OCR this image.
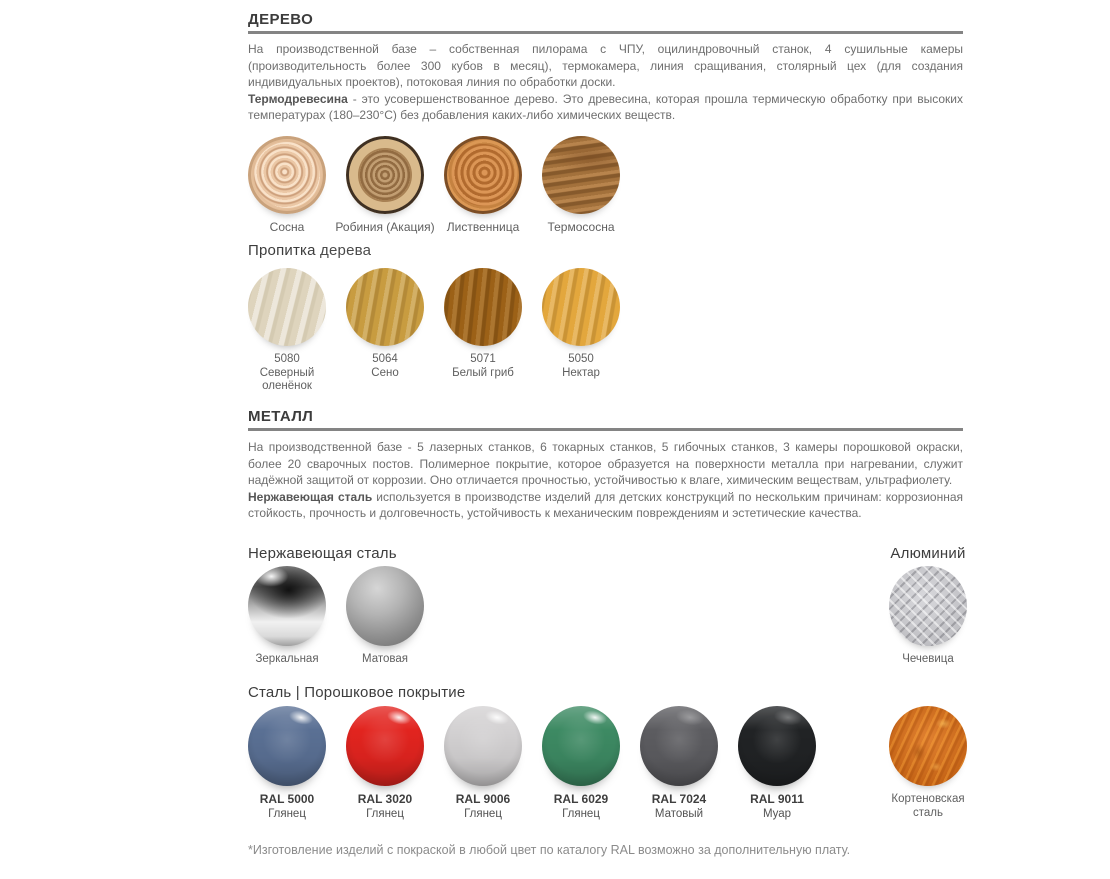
ДЕРЕВО

На производственной базе – собственная пилорама с ЧПУ, оцилиндровочный станок, 4 сушильные камеры (производительность более 300 кубов в месяц), термокамера, линия сращивания, столярный цех (для создания индивидуальных проектов), потоковая линия по обработки доски.
Термодревесина - это усовершенствованное дерево. Это древесина, которая прошла термическую обработку при высоких температурах (180–230°С) без добавления каких-либо химических веществ.

Сосна	Робиния (Акация) Лиственница Термососна
Пропитка дерева
5080
Северный оленёнок
5064
Сено
5071
Белый гриб
5050
Нектар
МЕТАЛЛ

На производственной базе - 5 лазерных станков, 6 токарных станков, 5 гибочных станков, 3 камеры порошковой окраски, более 20 сварочных постов. Полимерное покрытие, которое образуется на поверхности металла при нагревании, служит надёжной защитой от коррозии. Оно отличается прочностью, устойчивостью к влаге, химическим веществам, ультрафиолету.
Нержавеющая сталь используется в производстве изделий для детских конструкций по нескольким причинам: коррозионная стойкость, прочность и долговечность, устойчивость к механическим повреждениям и эстетические качества.

Нержавеющая сталь	Алюминий
Зеркальная	Матовая	Чечевица
Сталь | Порошковое покрытие
RAL 5000
Глянец
RAL 3020
Глянец
RAL 9006
Глянец
RAL 6029
Глянец
RAL 7024
Матовый
RAL 9011
Муар
Кортеновская сталь
*Изготовление изделий с покраской в любой цвет по каталогу RAL возможно за дополнительную плату.
